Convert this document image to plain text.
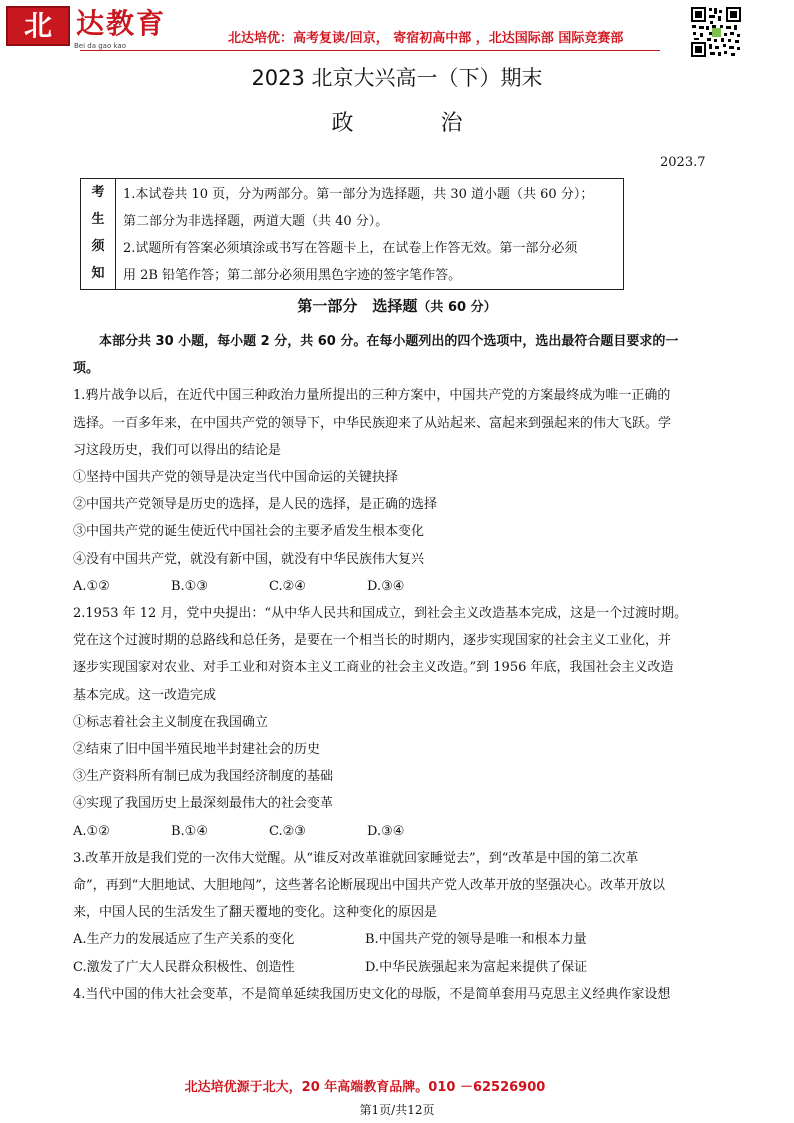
北 达教育
Bei da gao kao	北达培优：高考复读/回京， 寄宿初高中部 ，北达国际部 国际竞赛部
2023 北京大兴高一（下）期末
政 治
2023.7
考
生
须
知
1.本试卷共 10 页，分为两部分。第一部分为选择题，共 30 道小题（共 60 分）；
第二部分为非选择题，两道大题（共 40 分）。
2.试题所有答案必须填涂或书写在答题卡上，在试卷上作答无效。第一部分必须
用 2B 铅笔作答；第二部分必须用黑色字迹的签字笔作答。
第一部分　选择题（共 60 分）
本部分共 30 小题，每小题 2 分，共 60 分。在每小题列出的四个选项中，选出最符合题目要求的一
项。
1.鸦片战争以后，在近代中国三种政治力量所提出的三种方案中，中国共产党的方案最终成为唯一正确的
选择。一百多年来，在中国共产党的领导下，中华民族迎来了从站起来、富起来到强起来的伟大飞跃。学
习这段历史，我们可以得出的结论是
①坚持中国共产党的领导是决定当代中国命运的关键抉择
②中国共产党领导是历史的选择，是人民的选择，是正确的选择
③中国共产党的诞生使近代中国社会的主要矛盾发生根本变化
④没有中国共产党，就没有新中国，就没有中华民族伟大复兴
A.①②	B.①③	C.②④	D.③④
2.1953 年 12 月，党中央提出：“从中华人民共和国成立，到社会主义改造基本完成，这是一个过渡时期。
党在这个过渡时期的总路线和总任务，是要在一个相当长的时期内，逐步实现国家的社会主义工业化，并
逐步实现国家对农业、对手工业和对资本主义工商业的社会主义改造。”到 1956 年底，我国社会主义改造
基本完成。这一改造完成
①标志着社会主义制度在我国确立
②结束了旧中国半殖民地半封建社会的历史
③生产资料所有制已成为我国经济制度的基础
④实现了我国历史上最深刻最伟大的社会变革
A.①②	B.①④	C.②③	D.③④
3.改革开放是我们党的一次伟大觉醒。从“谁反对改革谁就回家睡觉去”，到“改革是中国的第二次革
命”，再到“大胆地试、大胆地闯”，这些著名论断展现出中国共产党人改革开放的坚强决心。改革开放以
来，中国人民的生活发生了翻天覆地的变化。这种变化的原因是
A.生产力的发展适应了生产关系的变化	B.中国共产党的领导是唯一和根本力量
C.激发了广大人民群众积极性、创造性	D.中华民族强起来为富起来提供了保证
4.当代中国的伟大社会变革，不是简单延续我国历史文化的母版，不是简单套用马克思主义经典作家设想
北达培优源于北大，20 年高端教育品牌。010 －62526900
第1页/共12页
